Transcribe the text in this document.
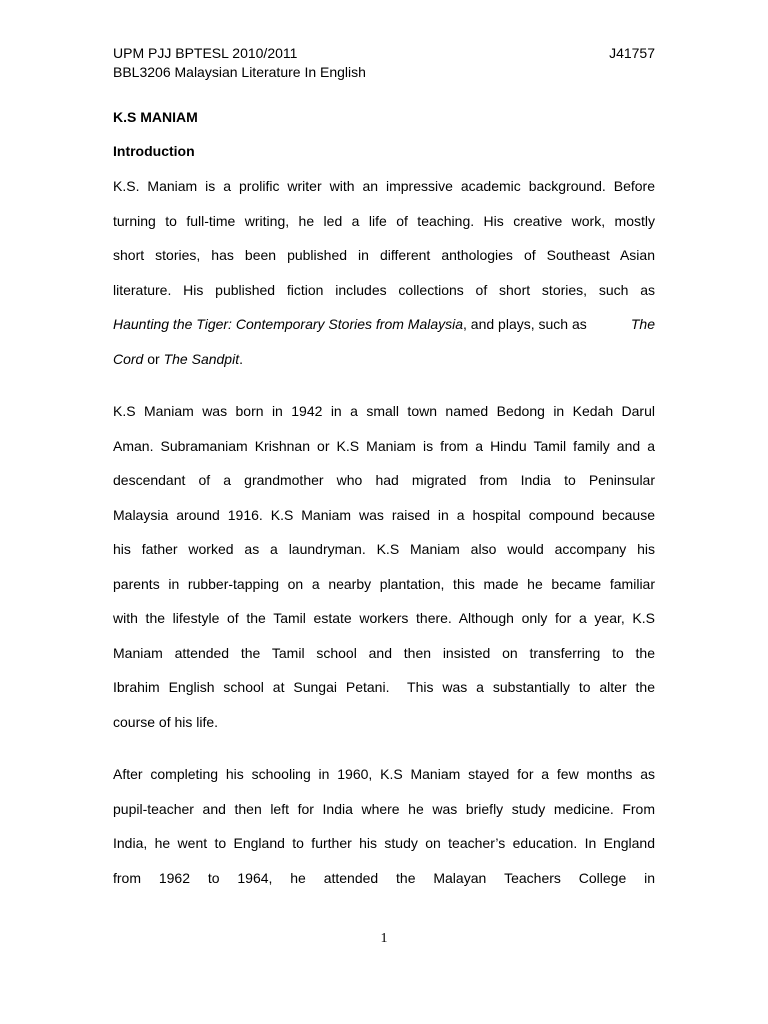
UPM PJJ BPTESL 2010/2011	J41757
BBL3206 Malaysian Literature In English
K.S MANIAM
Introduction
K.S. Maniam is a prolific writer with an impressive academic background. Before
turning to full-time writing, he led a life of teaching. His creative work, mostly
short stories, has been published in different anthologies of Southeast Asian
literature. His published fiction includes collections of short stories, such as
Haunting the Tiger: Contemporary Stories from Malaysia, and plays, such as	The
Cord or The Sandpit.
K.S Maniam was born in 1942 in a small town named Bedong in Kedah Darul
Aman. Subramaniam Krishnan or K.S Maniam is from a Hindu Tamil family and a
descendant of a grandmother who had migrated from India to Peninsular
Malaysia around 1916. K.S Maniam was raised in a hospital compound because
his father worked as a laundryman. K.S Maniam also would accompany his
parents in rubber-tapping on a nearby plantation, this made he became familiar
with the lifestyle of the Tamil estate workers there. Although only for a year, K.S
Maniam attended the Tamil school and then insisted on transferring to the
Ibrahim English school at Sungai Petani.  This was a substantially to alter the
course of his life.
After completing his schooling in 1960, K.S Maniam stayed for a few months as
pupil-teacher and then left for India where he was briefly study medicine. From
India, he went to England to further his study on teacher’s education. In England
from 1962 to 1964, he attended the Malayan Teachers College in
1
